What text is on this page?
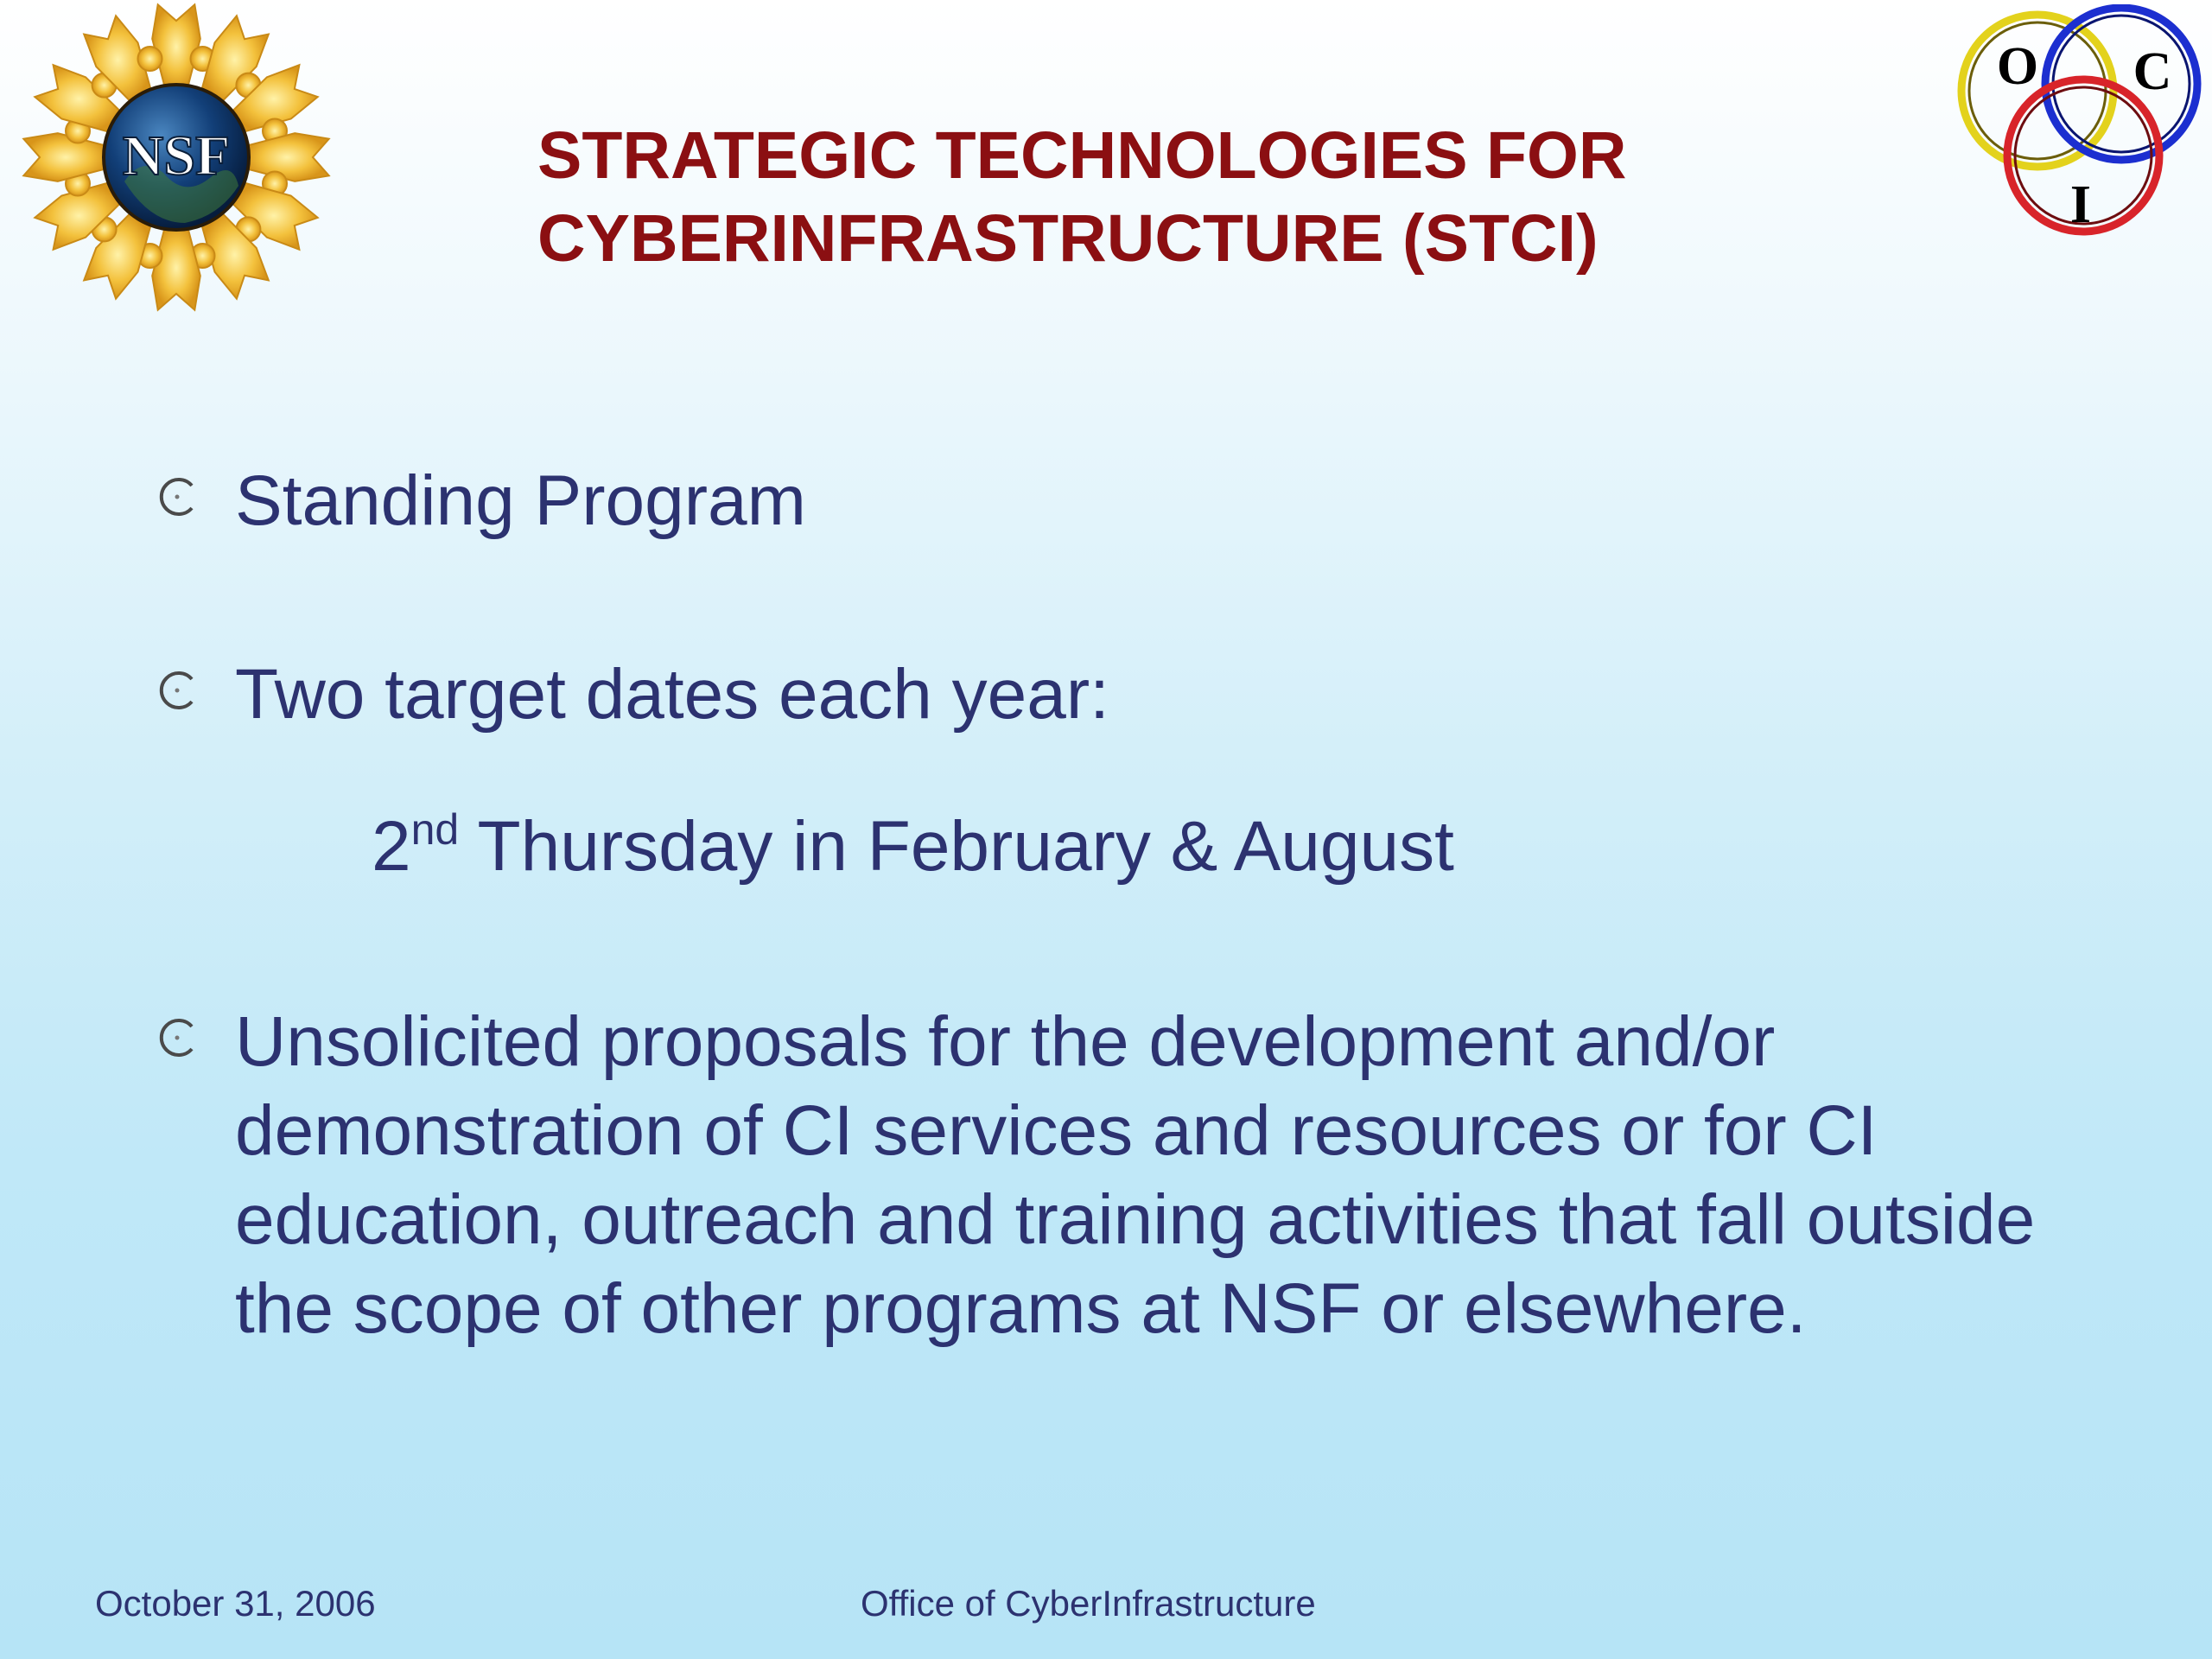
NSF
O C
I
STRATEGIC TECHNOLOGIES FOR
CYBERINFRASTRUCTURE (STCI)

Standing Program

Two target dates each year:

2nd Thursday in February & August

Unsolicited proposals for the development and/or demonstration of CI services and resources or for CI education, outreach and training activities that fall outside the scope of other programs at NSF or elsewhere.

October 31, 2006	Office of CyberInfrastructure
